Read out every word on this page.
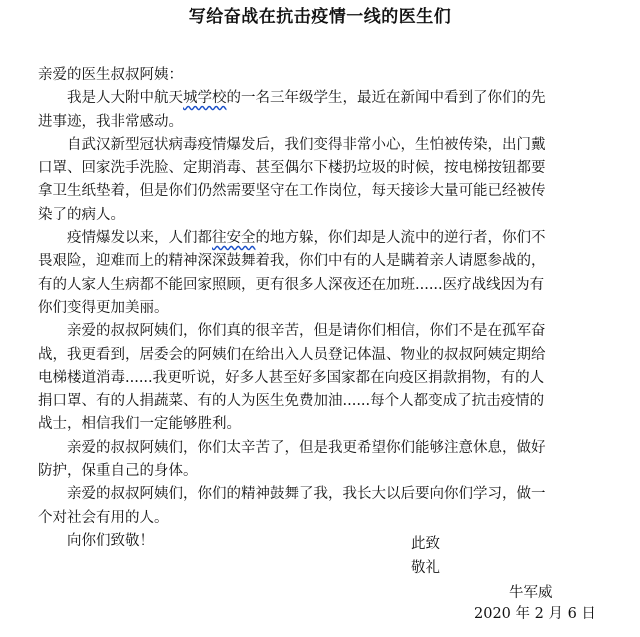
写给奋战在抗击疫情一线的医生们
亲爱的医生叔叔阿姨：
我是人大附中航天城学校的一名三年级学生，最近在新闻中看到了你们的先
进事迹，我非常感动。
自武汉新型冠状病毒疫情爆发后，我们变得非常小心，生怕被传染，出门戴
口罩、回家洗手洗脸、定期消毒、甚至偶尔下楼扔垃圾的时候，按电梯按钮都要
拿卫生纸垫着，但是你们仍然需要坚守在工作岗位，每天接诊大量可能已经被传
染了的病人。
疫情爆发以来，人们都往安全的地方躲，你们却是人流中的逆行者，你们不
畏艰险，迎难而上的精神深深鼓舞着我，你们中有的人是瞒着亲人请愿参战的，
有的人家人生病都不能回家照顾，更有很多人深夜还在加班......医疗战线因为有
你们变得更加美丽。
亲爱的叔叔阿姨们，你们真的很辛苦，但是请你们相信，你们不是在孤军奋
战，我更看到，居委会的阿姨们在给出入人员登记体温、物业的叔叔阿姨定期给
电梯楼道消毒......我更听说，好多人甚至好多国家都在向疫区捐款捐物，有的人
捐口罩、有的人捐蔬菜、有的人为医生免费加油......每个人都变成了抗击疫情的
战士，相信我们一定能够胜利。
亲爱的叔叔阿姨们，你们太辛苦了，但是我更希望你们能够注意休息，做好
防护，保重自己的身体。
亲爱的叔叔阿姨们，你们的精神鼓舞了我，我长大以后要向你们学习，做一
个对社会有用的人。
向你们致敬！	此致
敬礼
牛军威
2020 年 2 月 6 日
